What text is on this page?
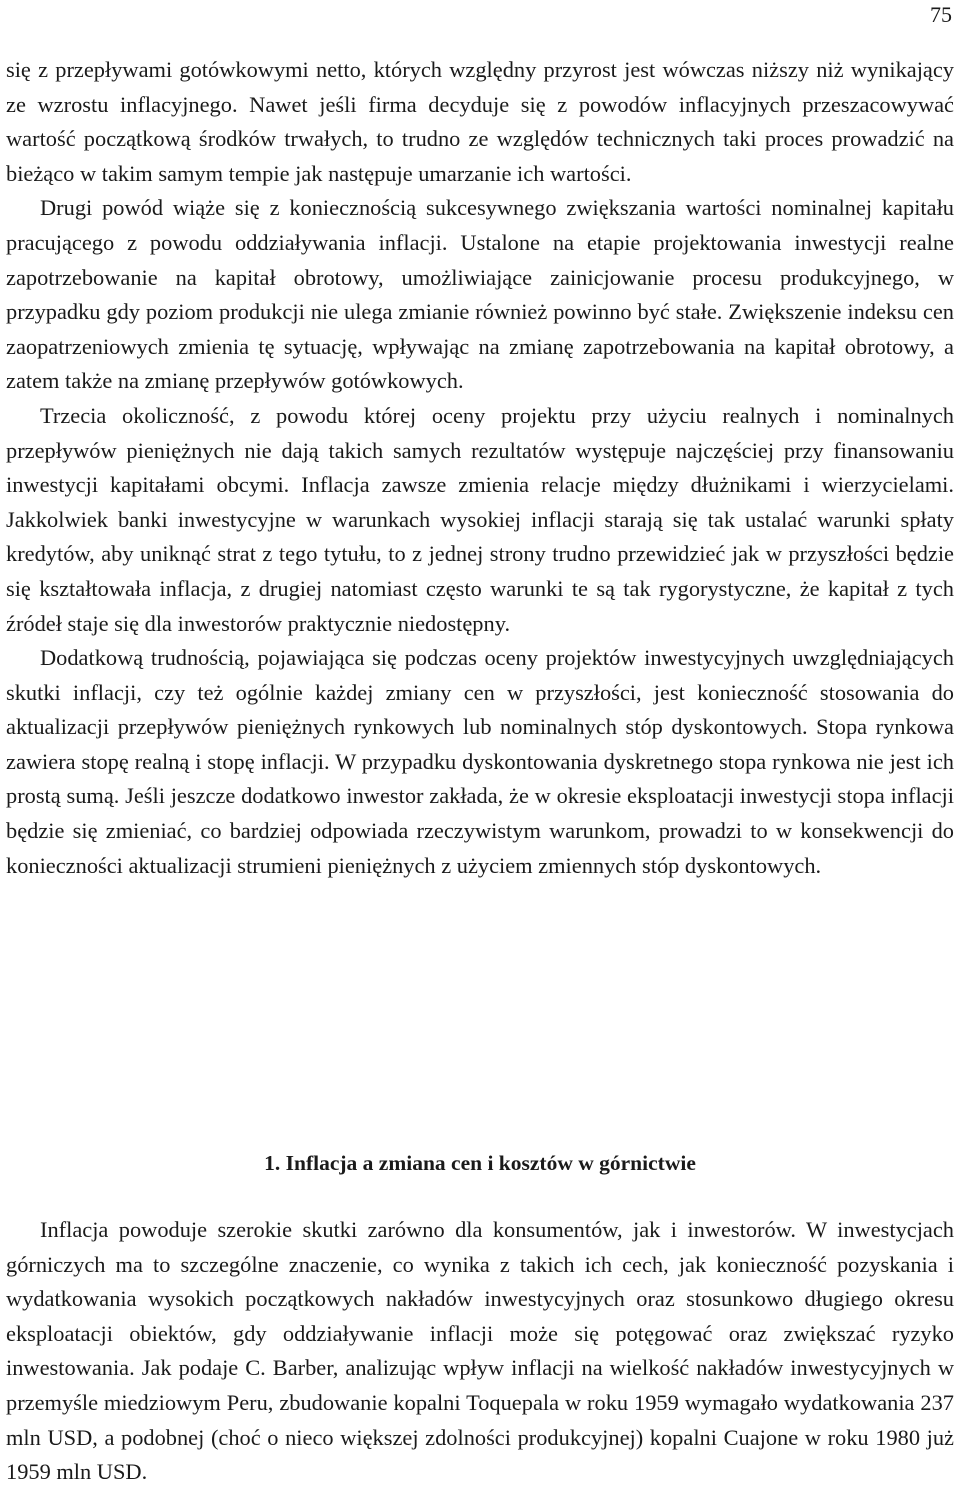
75

się z przepływami gotówkowymi netto, których względny przyrost jest wówczas niższy niż wynikający ze wzrostu inflacyjnego. Nawet jeśli firma decyduje się z powodów inflacyjnych przeszacowywać wartość początkową środków trwałych, to trudno ze względów technicznych taki proces prowadzić na bieżąco w takim samym tempie jak następuje umarzanie ich wartości.

Drugi powód wiąże się z koniecznością sukcesywnego zwiększania wartości nominalnej kapitału pracującego z powodu oddziaływania inflacji. Ustalone na etapie projektowania inwestycji realne zapotrzebowanie na kapitał obrotowy, umożliwiające zainicjowanie procesu produkcyjnego, w przypadku gdy poziom produkcji nie ulega zmianie również powinno być stałe. Zwiększenie indeksu cen zaopatrzeniowych zmienia tę sytuację, wpływając na zmianę zapotrzebowania na kapitał obrotowy, a zatem także na zmianę przepływów gotówkowych.

Trzecia okoliczność, z powodu której oceny projektu przy użyciu realnych i nominalnych przepływów pieniężnych nie dają takich samych rezultatów występuje najczęściej przy finansowaniu inwestycji kapitałami obcymi. Inflacja zawsze zmienia relacje między dłużnikami i wierzycielami. Jakkolwiek banki inwestycyjne w warunkach wysokiej inflacji starają się tak ustalać warunki spłaty kredytów, aby uniknąć strat z tego tytułu, to z jednej strony trudno przewidzieć jak w przyszłości będzie się kształtowała inflacja, z drugiej natomiast często warunki te są tak rygorystyczne, że kapitał z tych źródeł staje się dla inwestorów praktycznie niedostępny.

Dodatkową trudnością, pojawiająca się podczas oceny projektów inwestycyjnych uwzględniających skutki inflacji, czy też ogólnie każdej zmiany cen w przyszłości, jest konieczność stosowania do aktualizacji przepływów pieniężnych rynkowych lub nominalnych stóp dyskontowych. Stopa rynkowa zawiera stopę realną i stopę inflacji. W przypadku dyskontowania dyskretnego stopa rynkowa nie jest ich prostą sumą. Jeśli jeszcze dodatkowo inwestor zakłada, że w okresie eksploatacji inwestycji stopa inflacji będzie się zmieniać, co bardziej odpowiada rzeczywistym warunkom, prowadzi to w konsekwencji do konieczności aktualizacji strumieni pieniężnych z użyciem zmiennych stóp dyskontowych.

1. Inflacja a zmiana cen i kosztów w górnictwie

Inflacja powoduje szerokie skutki zarówno dla konsumentów, jak i inwestorów. W inwestycjach górniczych ma to szczególne znaczenie, co wynika z takich ich cech, jak konieczność pozyskania i wydatkowania wysokich początkowych nakładów inwestycyjnych oraz stosunkowo długiego okresu eksploatacji obiektów, gdy oddziaływanie inflacji może się potęgować oraz zwiększać ryzyko inwestowania. Jak podaje C. Barber, analizując wpływ inflacji na wielkość nakładów inwestycyjnych w przemyśle miedziowym Peru, zbudowanie kopalni Toquepala w roku 1959 wymagało wydatkowania 237 mln USD, a podobnej (choć o nieco większej zdolności produkcyjnej) kopalni Cuajone w roku 1980 już 1959 mln USD.
